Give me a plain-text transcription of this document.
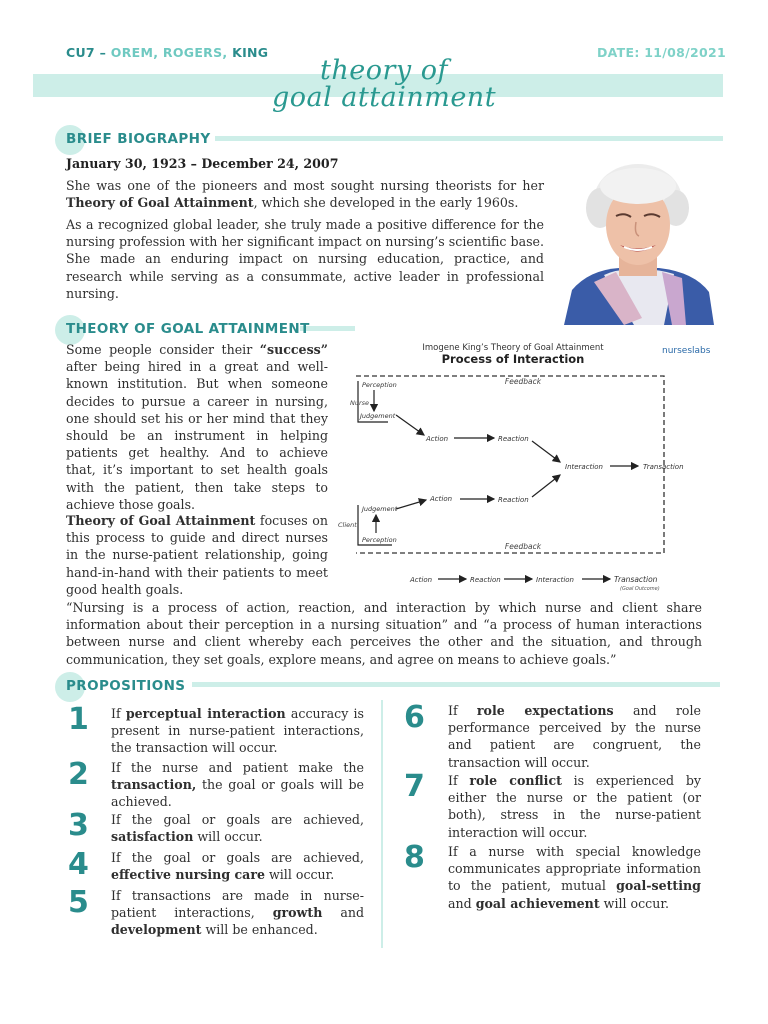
CU7 – OREM, ROGERS, KING	DATE: 11/08/2021
theory of
goal attainment
BRIEF BIOGRAPHY
January 30, 1923 – December 24, 2007
She was one of the pioneers and most sought nursing theorists for her Theory of Goal Attainment, which she developed in the early 1960s.
As a recognized global leader, she truly made a positive difference for the nursing profession with her significant impact on nursing’s scientific base. She made an enduring impact on nursing education, practice, and research while serving as a consummate, active leader in professional nursing.
THEORY OF GOAL ATTAINMENT
Some people consider their “success” after being hired in a great and well-known institution. But when someone decides to pursue a career in nursing, one should set his or her mind that they should be an instrument in helping patients get healthy. And to achieve that, it’s important to set health goals with the patient, then take steps to achieve those goals.
Theory of Goal Attainment focuses on this process to guide and direct nurses in the nurse-patient relationship, going hand-in-hand with their patients to meet good health goals.
“Nursing is a process of action, reaction, and interaction by which nurse and client share information about their perception in a nursing situation” and “a process of human interactions between nurse and client whereby each perceives the other and the situation, and through communication, they set goals, explore means, and agree on means to achieve goals.”
Imogene King’s Theory of Goal Attainment
Process of Interaction
nurseslabs
Feedback
Feedback
Nurse
Perception
Judgement
Client
Judgement
Perception
Action	Reaction
Action	Reaction
Interaction	Transaction
Action	Reaction	Interaction	Transaction
(Goal Outcome)
PROPOSITIONS
1 If perceptual interaction accuracy is present in nurse-patient interactions, the transaction will occur.
2 If the nurse and patient make the transaction, the goal or goals will be achieved.
3 If the goal or goals are achieved, satisfaction will occur.
4 If the goal or goals are achieved, effective nursing care will occur.
5 If transactions are made in nurse-patient interactions, growth and development will be enhanced.
6 If role expectations and role performance perceived by the nurse and patient are congruent, the transaction will occur.
7 If role conflict is experienced by either the nurse or the patient (or both), stress in the nurse-patient interaction will occur.
8 If a nurse with special knowledge communicates appropriate information to the patient, mutual goal-setting and goal achievement will occur.
